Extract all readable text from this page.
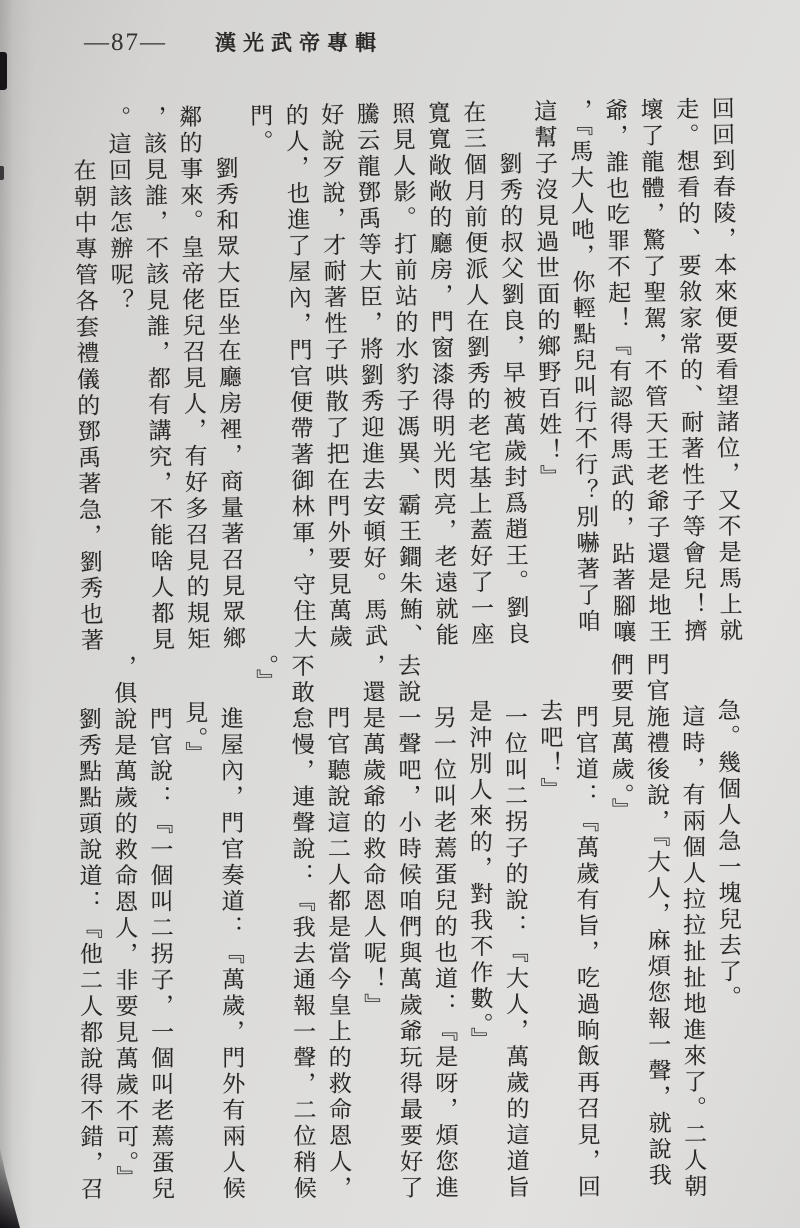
—87— 漢光武帝專輯
回回到春陵，本來便要看望諸位，又不是馬上就
走。想看的、要敘家常的、耐著性子等會兒！擠
壞了龍體，驚了聖駕，不管天王老爺子還是地王
爺，誰也吃罪不起！『有認得馬武的，跕著腳嚷
，『馬大人吔，你輕點兒叫行不行？別嚇著了咱
這幫子沒見過世面的鄉野百姓！』
劉秀的叔父劉良，早被萬歲封爲趙王。劉良
在三個月前便派人在劉秀的老宅基上蓋好了一座
寬寬敞敞的廳房，門窗漆得明光閃亮，老遠就能
照見人影。打前站的水豹子馮異、霸王鐧朱鮪、
騰云龍鄧禹等大臣，將劉秀迎進去安頓好。馬武
好說歹說，才耐著性子哄散了把在門外要見萬歲
的人，也進了屋內，門官便帶著御林軍，守住大
門。
劉秀和眾大臣坐在廳房裡，商量著召見眾鄉
鄰的事來。皇帝佬兒召見人，有好多召見的規矩
，該見誰，不該見誰，都有講究，不能啥人都見
。這回該怎辦呢？
在朝中專管各套禮儀的鄧禹著急，劉秀也著
急。幾個人急一塊兒去了。
這時，有兩個人拉拉扯扯地進來了。二人朝
門官施禮後說，『大人，麻煩您報一聲，就說我
們要見萬歲。』
門官道：『萬歲有旨，吃過晌飯再召見，回
去吧！』
一位叫二拐子的說：『大人，萬歲的這道旨
是沖別人來的，對我不作數。』
另一位叫老蔫蛋兒的也道：『是呀，煩您進
去說一聲吧，小時候咱們與萬歲爺玩得最要好了
，還是萬歲爺的救命恩人呢！』
門官聽說這二人都是當今皇上的救命恩人，
不敢怠慢，連聲說：『我去通報一聲，二位稍候
。』
進屋內，門官奏道：『萬歲，門外有兩人候
見。』
門官說：『一個叫二拐子，一個叫老蔫蛋兒
，俱說是萬歲的救命恩人，非要見萬歲不可。』
劉秀點點頭說道：『他二人都說得不錯，召
